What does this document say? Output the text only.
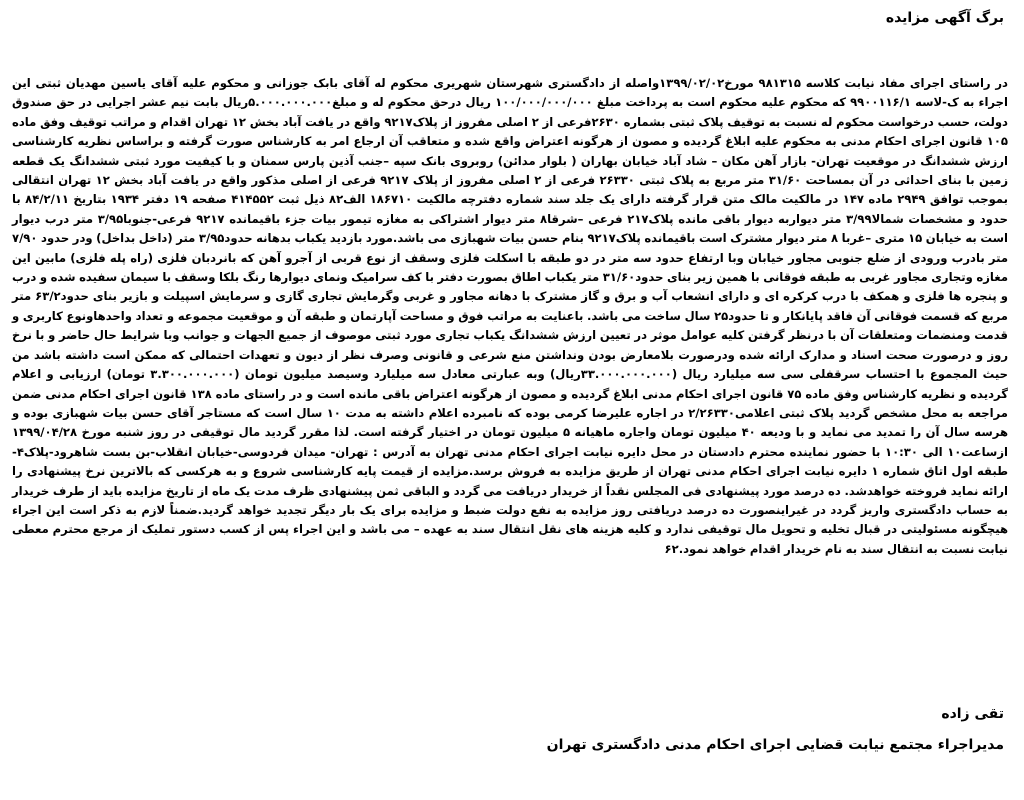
برگ آگهی مزایده
در راستای اجرای مفاد نیابت کلاسه ۹۸۱۳۱۵ مورخ۱۳۹۹/۰۲/۰۲واصله از دادگستری شهرستان شهریری محکوم له آقای بابک جوزانی و محکوم علیه آقای یاسین مهدیان ثبتی این اجراء به ک-لاسه ۹۹۰۰۱۱۶/۱ که محکوم علیه محکوم است به پرداخت مبلغ ۱۰۰/۰۰۰/۰۰۰/۰۰۰ ریال درحق محکوم له و مبلغ۵.۰۰۰.۰۰۰.۰۰۰ریال بابت نیم عشر اجرایی در حق صندوق دولت، حسب درخواست محکوم له نسبت به توقیف پلاک ثبتی بشماره ۲۶۳۰فرعی از ۲ اصلی مفروز از پلاک۹۲۱۷ واقع در یافت آباد بخش ۱۲ تهران اقدام و مراتب توقیف وفق ماده ۱۰۵ قانون اجرای احکام مدنی به محکوم علیه ابلاغ گردیده و مصون از هرگونه اعتراض واقع شده و متعاقب آن ارجاع امر به کارشناس صورت گرفته و براساس نظریه کارشناسی ارزش ششدانگ در موقعیت تهران- بازار آهن مکان – شاد آباد خیابان بهاران ( بلوار مدائن) روبروی بانک سپه –جنب آذین پارس سمنان و با کیفیت مورد ثبتی ششدانگ یک قطعه زمین با بنای احداثی در آن بمساحت ۳۱/۶۰ متر مربع به پلاک ثبتی ۲۶۳۳۰ فرعی از ۲ اصلی مفروز از پلاک ۹۲۱۷ فرعی از اصلی مذکور واقع در یافت آباد بخش ۱۲ تهران انتقالی بموجب توافق ۲۹۴۹ ماده ۱۴۷ در مالکیت مالک متن قرار گرفته دارای یک جلد سند شماره دفترچه مالکیت ۱۸۶۷۱۰ الف۸۲ ذیل ثبت ۴۱۴۵۵۲ صفحه ۱۹ دفتر ۱۹۳۴ بتاریخ ۸۴/۲/۱۱ با حدود و مشخصات شمالا۳/۹۹ متر دیواربه دیوار باقی مانده پلاک۲۱۷ فرعی –شرقا۸ متر دیوار اشتراکی به مغازه تیمور بیات جزء باقیمانده ۹۲۱۷ فرعی-جنوبا۳/۹۵ متر درب دیوار است به خیابان ۱۵ متری –غربا ۸ متر دیوار مشترک است باقیمانده پلاک۹۲۱۷ بنام حسن بیات شهبازی می باشد.مورد بازدید یکباب بدهانه حدود۳/۹۵ متر (داخل بداخل) ودر حدود ۷/۹۰ متر بادرب ورودی از ضلع جنوبی مجاور خیابان وبا ارتفاع حدود سه متر در دو طبقه با اسکلت فلزی وسقف از نوع قربی از آجرو آهن که بانردبان فلزی (راه پله فلزی) مابین این مغازه وتجاری مجاور غربی به طبقه فوقانی با همین زیر بنای حدود۳۱/۶۰ متر یکباب اطاق بصورت دفتر با کف سرامیک ونمای دیوارها رنگ بلکا وسقف با سیمان سفیده شده و درب و پنجره ها فلزی و همکف با درب کرکره ای و دارای انشعاب آب و برق و گاز مشترک با دهانه مجاور و غربی وگرمایش تجاری گازی و سرمایش اسپیلت و بازیر بنای حدود۶۳/۲ متر مربع که قسمت فوقانی آن فاقد پایانکار و تا حدود۲۵ سال ساخت می باشد. باعنایت به مراتب فوق و مساحت آپارتمان و طبقه آن و موقعیت مجموعه و تعداد واحدهاونوع کاربری و قدمت ومنضمات ومتعلقات آن با درنظر گرفتن کلیه عوامل موثر در تعیین ارزش ششدانگ یکباب تجاری مورد ثبتی موصوف از جمیع الجهات و جوانب وبا شرایط حال حاضر و با نرخ روز و درصورت صحت اسناد و مدارک ارائه شده ودرصورت بلامعارض بودن ونداشتن منع شرعی و قانونی وصرف نظر از دیون و تعهدات احتمالی که ممکن است داشته باشد من حیث المجموع با احتساب سرقفلی سی سه میلیارد ریال (۳۳.۰۰۰.۰۰۰.۰۰۰ریال) وبه عبارتی معادل سه میلیارد وسیصد میلیون تومان (۳.۳۰۰.۰۰۰.۰۰۰ تومان) ارزیابی و اعلام گردیده و نظریه کارشناس وفق ماده ۷۵ قانون اجرای احکام مدنی ابلاغ گردیده و مصون از هرگونه اعتراض باقی مانده است و در راستای ماده ۱۳۸ قانون اجرای احکام مدنی ضمن مراجعه به محل مشخص گردید پلاک ثبتی اعلامی۲/۲۶۳۳۰ در اجاره علیرضا کرمی بوده که نامبرده اعلام داشته به مدت ۱۰ سال است که مستاجر آقای حسن بیات شهبازی بوده و هرسه سال آن را تمدید می نماید و با ودیعه ۴۰ میلیون تومان واجاره ماهیانه ۵ میلیون تومان در اختیار گرفته است. لذا مقرر گردید مال توقیفی در روز شنبه مورخ ۱۳۹۹/۰۴/۲۸ ازساعت۱۰ الی ۱۰:۳۰ با حضور نماینده محترم دادستان در محل دایره نیابت اجرای احکام مدنی تهران به آدرس : تهران- میدان فردوسی-خیابان انقلاب-بن بست شاهرود-پلاک۴- طبقه اول اتاق شماره ۱ دایره نیابت اجرای احکام مدنی تهران از طریق مزایده به فروش برسد.مزایده از قیمت پایه کارشناسی شروع و به هرکسی که بالاترین نرخ پیشنهادی را ارائه نماید فروخته خواهدشد. ده درصد مورد پیشنهادی فی المجلس نقداً از خریدار دریافت می گردد و الباقی ثمن پیشنهادی ظرف مدت یک ماه از تاریخ مزایده باید از طرف خریدار به حساب دادگستری واریز گردد در غیراینصورت ده درصد دریافتی روز مزایده به نفع دولت ضبط و مزایده برای یک بار دیگر تجدید خواهد گردید.ضمناً لازم به ذکر است این اجراء هیچگونه مسئولیتی در قبال تخلیه و تحویل مال توقیفی ندارد و کلیه هزینه های نقل انتقال سند به عهده – می باشد و این اجراء پس از کسب دستور تملیک از مرجع محترم معطی نیابت نسبت به انتقال سند به نام خریدار اقدام خواهد نمود.۶۲
تقی زاده
مدیراجراء مجتمع نیابت قضایی اجرای احکام مدنی دادگستری تهران
